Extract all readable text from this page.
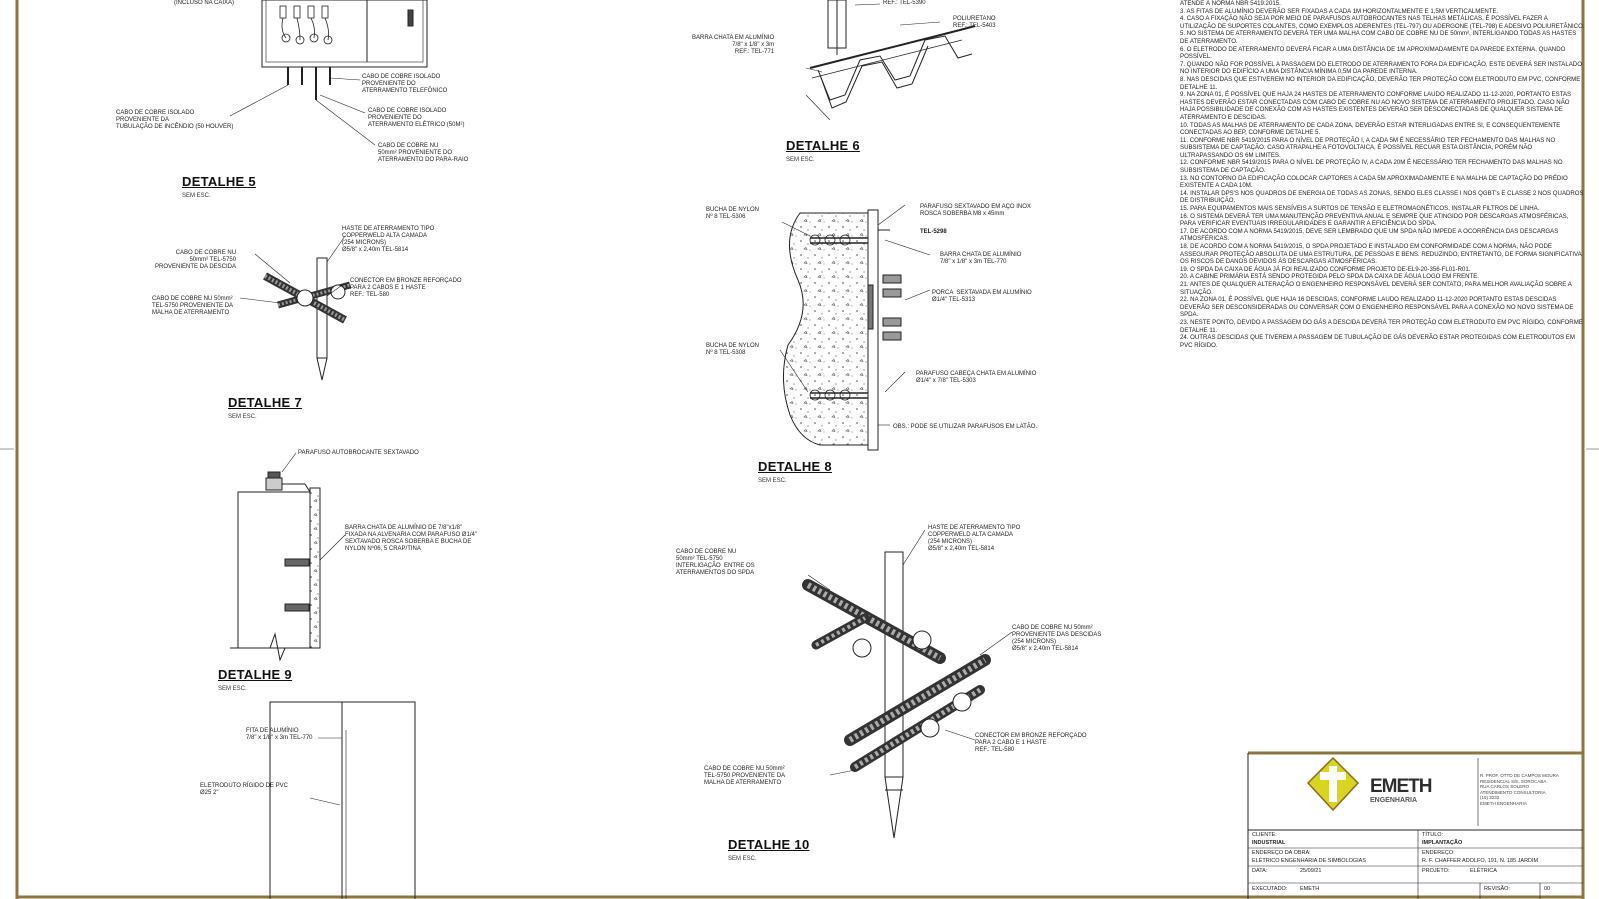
(INCLUSO NA CAIXA)
CABO DE COBRE ISOLADO
PROVENIENTE DO
ATERRAMENTO TELEFÔNICO
CABO DE COBRE ISOLADO
PROVENIENTE DO
ATERRAMENTO ELÉTRICO (50M²)
CABO DE COBRE ISOLADO
PROVENIENTE DA
TUBULAÇÃO DE INCÊNDIO (50 HOUVER)
CABO DE COBRE NU
50mm² PROVENIENTE DO
ATERRAMENTO DO PARA-RAIO
DETALHE 5
SEM ESC.
REF.: TEL-5390
POLIURETANO
REF.: TEL-5403
BARRA CHATA EM ALUMÍNIO
7/8" x 1/8" x 3m
REF.: TEL-771
DETALHE 6
SEM ESC.
HASTE DE ATERRAMENTO TIPO
COPPERWELD ALTA CAMADA
(254 MICRONS)
Ø5/8" x 2,40m TEL-5814
CABO DE COBRE NU
50mm² TEL-5750
PROVENIENTE DA DESCIDA
CONECTOR EM BRONZE REFORÇADO
PARA 2 CABOS E 1 HASTE
REF.: TEL-580
CABO DE COBRE NU 50mm²
TEL-5750 PROVENIENTE DA
MALHA DE ATERRAMENTO
DETALHE 7
SEM ESC.
BUCHA DE NYLON
Nº 8 TEL-5306
PARAFUSO SEXTAVADO EM AÇO INOX
ROSCA SOBERBA M8 x 45mm
TEL-5298
BARRA CHATA DE ALUMÍNIO
7/8" x 1/8" x 3m TEL-770
PORCA  SEXTAVADA EM ALUMÍNIO
Ø1/4" TEL-5313
BUCHA DE NYLON
Nº 8 TEL-5308
PARAFUSO CABEÇA CHATA EM ALUMÍNIO
Ø1/4" x 7/8" TEL-5303
OBS.: PODE SE UTILIZAR PARAFUSOS EM LATÃO.
DETALHE 8
SEM ESC.
PARAFUSO AUTOBROCANTE SEXTAVADO
BARRA CHATA DE ALUMÍNIO DE 7/8"x1/8"
FIXADA NA ALVENARIA COM PARAFUSO Ø1/4"
SEXTAVADO ROSCA SOBERBA E BUCHA DE
NYLON Nº06, 5 CRAP/TINA
DETALHE 9
SEM ESC.
FITA DE ALUMÍNIO
7/8" x 1/8" x 3m TEL-770
ELETRODUTO RÍGIDO DE PVC
Ø25 2"
HASTE DE ATERRAMENTO TIPO
COPPERWELD ALTA CAMADA
(254 MICRONS)
Ø5/8" x 2,40m TEL-5814
CABO DE COBRE NU
50mm² TEL-5750
INTERLIGAÇÃO  ENTRE OS
ATERRAMENTOS DO SPDA
CABO DE COBRE NU 50mm²
PROVENIENTE DAS DESCIDAS
(254 MICRONS)
Ø5/8" x 2,40m TEL-5814
CONECTOR EM BRONZE REFORÇADO
PARA 2 CABO E 1 HASTE
REF.: TEL-580
CABO DE COBRE NU 50mm²
TEL-5750 PROVENIENTE DA
MALHA DE ATERRAMENTO
DETALHE 10
SEM ESC.

ATENDE À NORMA NBR 5419:2015.

3. AS FITAS DE ALUMÍNIO DEVERÃO SER FIXADAS A CADA 1M HORIZONTALMENTE E 1,5M VERTICALMENTE.

4. CASO A FIXAÇÃO NÃO SEJA POR MEIO DE PARAFUSOS AUTOBROCANTES NAS TELHAS METÁLICAS, É POSSÍVEL FAZER A UTILIZAÇÃO DE SUPORTES COLANTES, COMO EXEMPLOS ADERENTES (TEL-797) OU ADERGONE (TEL-798) E ADESIVO POLIURETÂNICO.

5. NO SISTEMA DE ATERRAMENTO DEVERÁ TER UMA MALHA COM CABO DE COBRE NU DE 50mm², INTERLIGANDO TODAS AS HASTES DE ATERRAMENTO.

6. O ELETRODO DE ATERRAMENTO DEVERÁ FICAR A UMA DISTÂNCIA DE 1M APROXIMADAMENTE DA PAREDE EXTERNA, QUANDO POSSÍVEL.

7. QUANDO NÃO FOR POSSÍVEL A PASSAGEM DO ELETRODO DE ATERRAMENTO FORA DA EDIFICAÇÃO, ESTE DEVERÁ SER INSTALADO NO INTERIOR DO EDIFÍCIO A UMA DISTÂNCIA MÍNIMA 0,5M DA PAREDE INTERNA.

8. NAS DESCIDAS QUE ESTIVEREM NO INTERIOR DA EDIFICAÇÃO, DEVERÃO TER PROTEÇÃO COM ELETRODUTO EM PVC, CONFORME DETALHE 11.

9. NA ZONA 01, É POSSÍVEL QUE HAJA 24 HASTES DE ATERRAMENTO CONFORME LAUDO REALIZADO 11-12-2020, PORTANTO ESTAS HASTES DEVERÃO ESTAR CONECTADAS COM CABO DE COBRE NU AO NOVO SISTEMA DE ATERRAMENTO PROJETADO. CASO NÃO HAJA POSSIBILIDADE DE CONEXÃO COM AS HASTES EXISTENTES DEVERÃO SER DESCONECTADAS DE QUALQUER SISTEMA DE ATERRAMENTO E DESCIDAS.

10. TODAS AS MALHAS DE ATERRAMENTO DE CADA ZONA, DEVERÃO ESTAR INTERLIGADAS ENTRE SI, E CONSEQUENTEMENTE CONECTADAS AO BEP, CONFORME DETALHE 5.

11. CONFORME NBR 5419/2015 PARA O NÍVEL DE PROTEÇÃO I, A CADA 5M É NECESSÁRIO TER FECHAMENTO DAS MALHAS NO SUBSISTEMA DE CAPTAÇÃO. CASO ATRAPALHE A FOTOVOLTAICA, É POSSÍVEL RECUAR ESTA DISTÂNCIA, PORÉM NÃO ULTRAPASSANDO OS 6M LIMITES.

12. CONFORME NBR 5419/2015 PARA O NÍVEL DE PROTEÇÃO IV, A CADA 20M É NECESSÁRIO TER FECHAMENTO DAS MALHAS NO SUBSISTEMA DE CAPTAÇÃO.

13. NO CONTORNO DA EDIFICAÇÃO COLOCAR CAPTORES A CADA 5M APROXIMADAMENTE E NA MALHA DE CAPTAÇÃO DO PRÉDIO EXISTENTE A CADA 10M.

14. INSTALAR DPS'S NOS QUADROS DE ENERGIA DE TODAS AS ZONAS, SENDO ELES CLASSE I NOS QGBT's E CLASSE 2 NOS QUADROS DE DISTRIBUIÇÃO.

15. PARA EQUIPAMENTOS MAIS SENSÍVEIS A SURTOS DE TENSÃO E ELETROMAGNÉTICOS, INSTALAR FILTROS DE LINHA.

16. O SISTEMA DEVERÁ TER UMA MANUTENÇÃO PREVENTIVA ANUAL E SEMPRE QUE ATINGIDO POR DESCARGAS ATMOSFÉRICAS, PARA VERIFICAR EVENTUAIS IRREGULARIDADES E GARANTIR A EFICIÊNCIA DO SPDA.

17. DE ACORDO COM A NORMA 5419/2015, DEVE SER LEMBRADO QUE UM SPDA NÃO IMPEDE A OCORRÊNCIA DAS DESCARGAS ATMOSFÉRICAS.

18. DE ACORDO COM A NORMA 5419/2015, O SPDA PROJETADO E INSTALADO EM CONFORMIDADE COM A NORMA, NÃO PODE ASSEGURAR PROTEÇÃO ABSOLUTA DE UMA ESTRUTURA, DE PESSOAS E BENS. REDUZINDO, ENTRETANTO, DE FORMA SIGNIFICATIVA OS RISCOS DE DANOS DEVIDOS ÀS DESCARGAS ATMOSFÉRICAS.

19. O SPDA DA CAIXA DE ÁGUA JÁ FOI REALIZADO CONFORME PROJETO DE-EL9-20-356-FL01-R01.

20. A CABINE PRIMÁRIA ESTÁ SENDO PROTEGIDA PELO SPDA DA CAIXA DE ÁGUA LOGO EM FRENTE.

21. ANTES DE QUALQUER ALTERAÇÃO O ENGENHEIRO RESPONSÁVEL DEVERÁ SER CONTATO, PARA MELHOR AVALIAÇÃO SOBRE A SITUAÇÃO.

22. NA ZONA 01, É POSSÍVEL QUE HAJA 16 DESCIDAS, CONFORME LAUDO REALIZADO 11-12-2020 PORTANTO ESTAS DESCIDAS DEVERÃO SER DESCONSIDERADAS OU CONVERSAR COM O ENGENHEIRO RESPONSÁVEL PARA A CONEXÃO NO NOVO SISTEMA DE SPDA.

23. NESTE PONTO, DEVIDO A PASSAGEM DO GÁS A DESCIDA DEVERÁ TER PROTEÇÃO COM ELETRODUTO EM PVC RÍGIDO, CONFORME DETALHE 11.

24. OUTRAS DESCIDAS QUE TIVEREM A PASSAGEM DE TUBULAÇÃO DE GÁS DEVERÃO ESTAR PROTEGIDAS COM ELETRODUTOS EM PVC RÍGIDO.

EMETH
ENGENHARIA
R. PROF. OTTO DE CAMPOS MOURA
RESIDENCIAL S/E, SOROCABA
RUA CARLOS SOLERO
ATENDIMENTO CONSULTORIA
(15) 3232
EMETH ENGENHARIA
CLIENTE:
INDUSTRIAL
TÍTULO:
IMPLANTAÇÃO
ENDEREÇO DA OBRA:
ELÉTRICO ENGENHARIA DE SIMBOLOGIAS
ENDEREÇO:
R. F. CHAFFER ADOLFO, 191, N. 185 JARDIM
DATA:	25/09/21	PROJETO:	ELÉTRICA
EXECUTADO: EMETH	REVISÃO:	00
